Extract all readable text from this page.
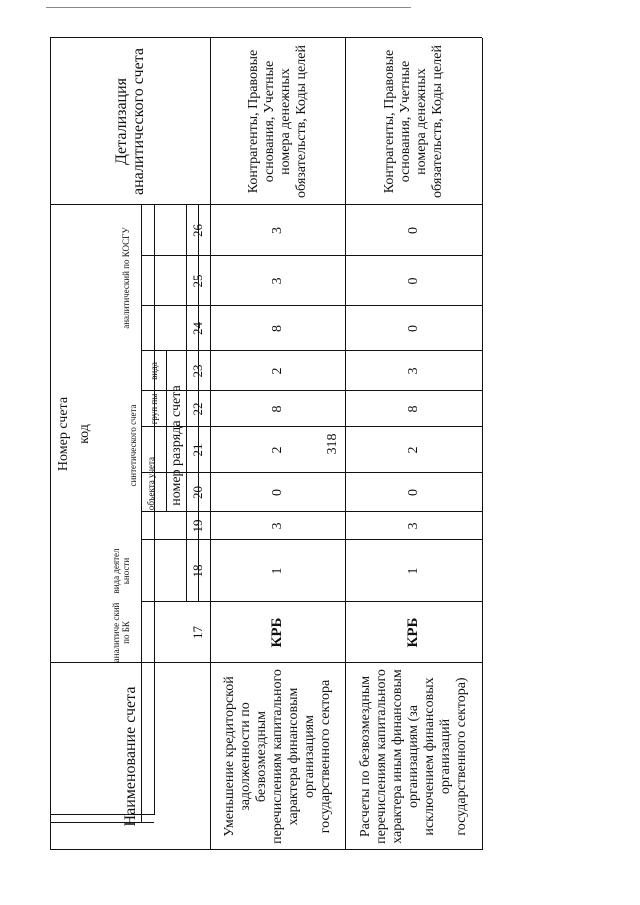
318
Наименование счета
Номер счета код
аналитиче ский по БК
вида деятел ьности
синтетического счета объекта учета
груп пы
вида
аналитический по КОСГУ
номер разряда счета
Детализация аналитического счета
17
18
19
20
21
22
23
24
25
26
Уменьшение кредиторской задолженности по безвозмездным перечислениям капитального характера финансовым организациям государственного сектора
КРБ
1
3
0
2
8
2
8
3
3
Контрагенты, Правовые основания, Учетные номера денежных обязательств, Коды целей
Расчеты по безвозмездным перечислениям капитального характера иным финансовым организациям (за исключением финансовых организаций государственного сектора)
КРБ
1
3
0
2
8
3
0
0
0
Контрагенты, Правовые основания, Учетные номера денежных обязательств, Коды целей
